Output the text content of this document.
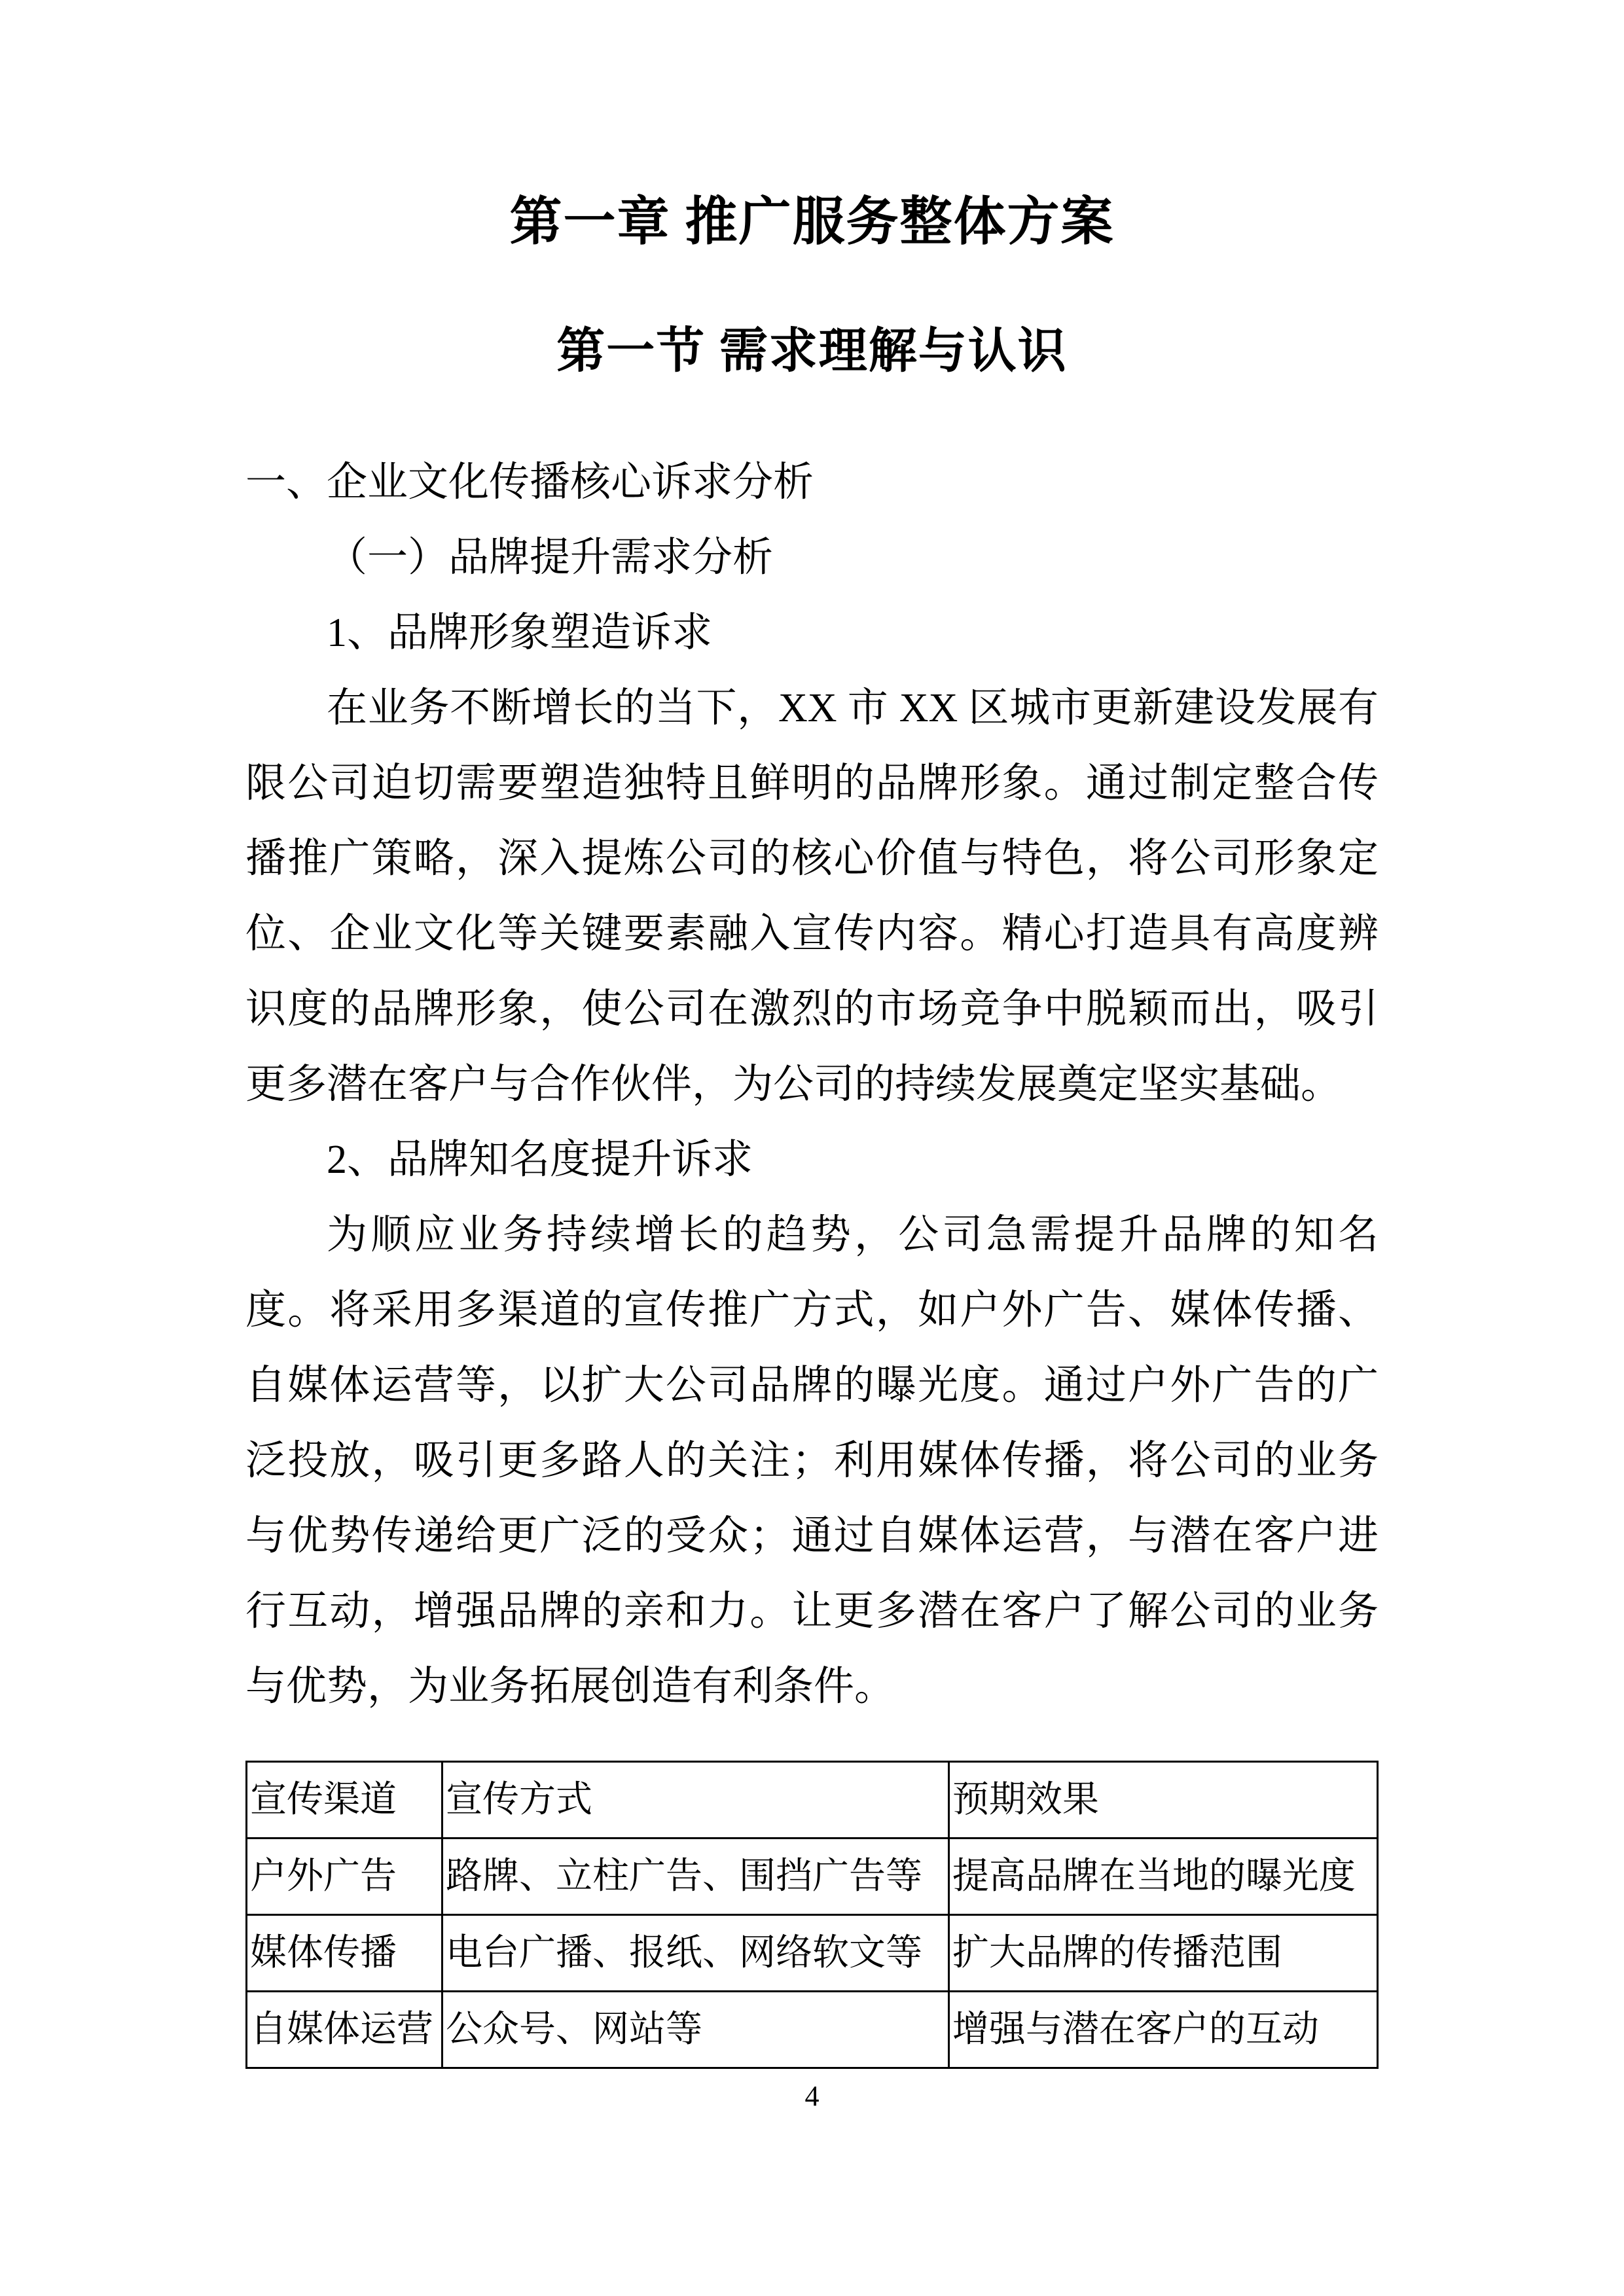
第一章 推广服务整体方案
第一节 需求理解与认识

一、企业文化传播核心诉求分析

（一）品牌提升需求分析

1、品牌形象塑造诉求

在业务不断增长的当下，XX 市 XX 区城市更新建设发展有限公司迫切需要塑造独特且鲜明的品牌形象。通过制定整合传播推广策略，深入提炼公司的核心价值与特色，将公司形象定位、企业文化等关键要素融入宣传内容。精心打造具有高度辨识度的品牌形象，使公司在激烈的市场竞争中脱颖而出，吸引更多潜在客户与合作伙伴，为公司的持续发展奠定坚实基础。

2、品牌知名度提升诉求

为顺应业务持续增长的趋势，公司急需提升品牌的知名度。将采用多渠道的宣传推广方式，如户外广告、媒体传播、自媒体运营等，以扩大公司品牌的曝光度。通过户外广告的广泛投放，吸引更多路人的关注；利用媒体传播，将公司的业务与优势传递给更广泛的受众；通过自媒体运营，与潜在客户进行互动，增强品牌的亲和力。让更多潜在客户了解公司的业务与优势，为业务拓展创造有利条件。

宣传渠道	宣传方式	预期效果
户外广告	路牌、立柱广告、围挡广告等	提高品牌在当地的曝光度
媒体传播	电台广播、报纸、网络软文等	扩大品牌的传播范围
自媒体运营	公众号、网站等	增强与潜在客户的互动
4
